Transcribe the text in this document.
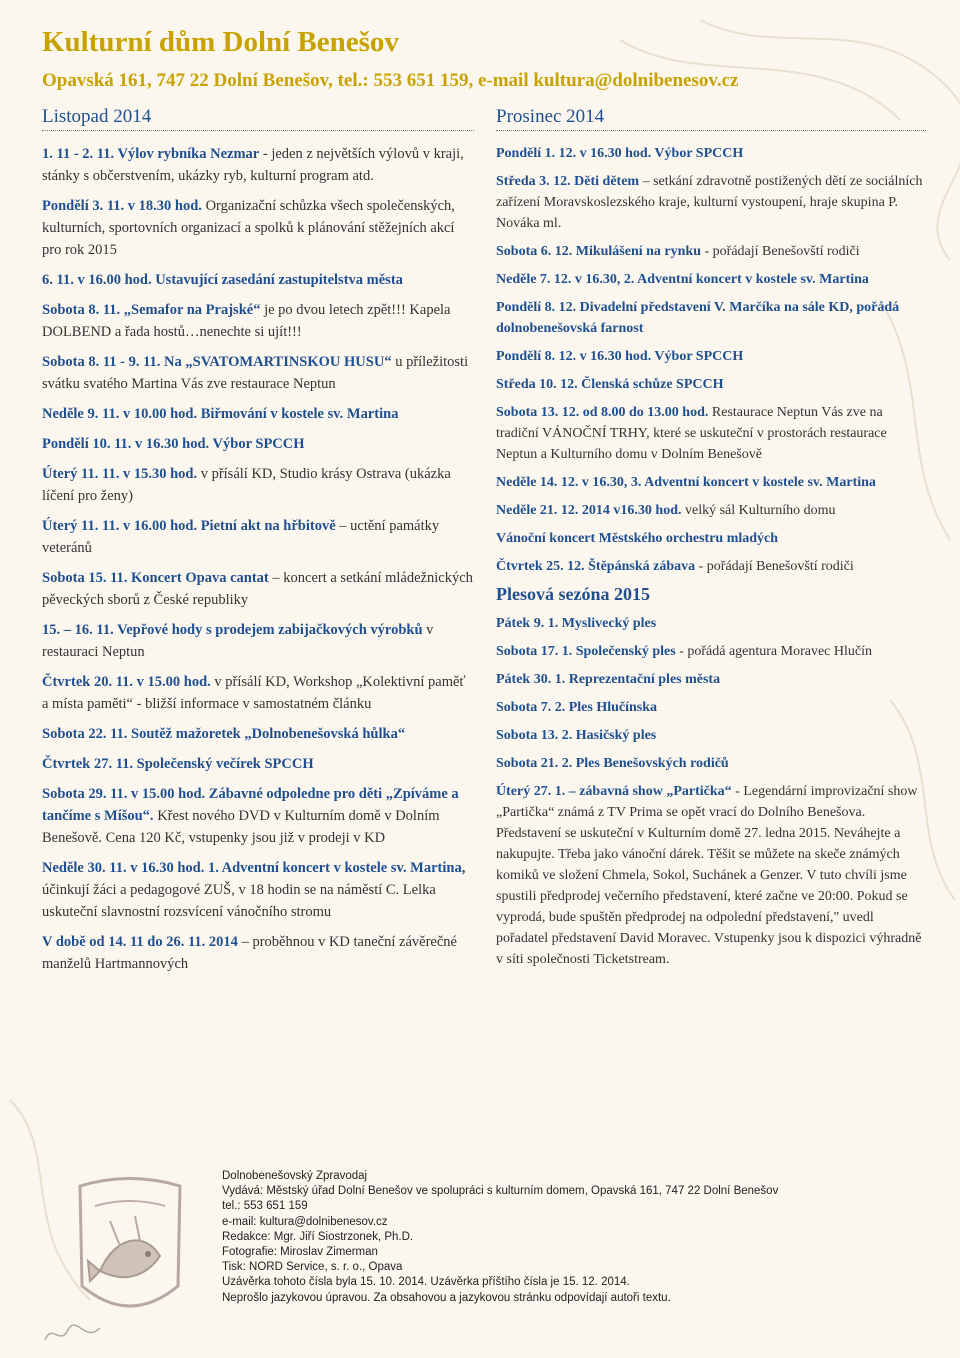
Kulturní dům Dolní Benešov
Opavská 161, 747 22 Dolní Benešov, tel.: 553 651 159, e-mail kultura@dolnibenesov.cz
Listopad 2014
1. 11 - 2. 11. Výlov rybníka Nezmar - jeden z největších výlovů v kraji, stánky s občerstvením, ukázky ryb, kulturní program atd.
Pondělí 3. 11. v 18.30 hod. Organizační schůzka všech společenských, kulturních, sportovních organizací a spolků k plánování stěžejních akcí pro rok 2015
6. 11. v 16.00 hod. Ustavující zasedání zastupitelstva města
Sobota 8. 11. „Semafor na Prajské“ je po dvou letech zpět!!! Kapela DOLBEND a řada hostů…nenechte si ujít!!!
Sobota 8. 11 - 9. 11. Na „SVATOMARTINSKOU HUSU“ u příležitosti svátku svatého Martina Vás zve restaurace Neptun
Neděle 9. 11. v 10.00 hod. Biřmování v kostele sv. Martina
Pondělí 10. 11. v 16.30 hod. Výbor SPCCH
Úterý 11. 11. v 15.30 hod. v přísálí KD, Studio krásy Ostrava (ukázka líčení pro ženy)
Úterý 11. 11. v 16.00 hod. Pietní akt na hřbitově – uctění památky veteránů
Sobota 15. 11. Koncert Opava cantat – koncert a setkání mládežnických pěveckých sborů z České republiky
15. – 16. 11. Vepřové hody s prodejem zabijačkových výrobků v restauraci Neptun
Čtvrtek 20. 11. v 15.00 hod. v přísálí KD, Workshop „Kolektivní paměť a místa paměti“ - bližší informace v samostatném článku
Sobota 22. 11. Soutěž mažoretek „Dolnobenešovská hůlka“
Čtvrtek 27. 11. Společenský večírek SPCCH
Sobota 29. 11. v 15.00 hod. Zábavné odpoledne pro děti „Zpíváme a tančíme s Míšou“. Křest nového DVD v Kulturním domě v Dolním Benešově. Cena 120 Kč, vstupenky jsou již v prodeji v KD
Neděle 30. 11. v 16.30 hod. 1. Adventní koncert v kostele sv. Martina, účinkují žáci a pedagogové ZUŠ, v 18 hodin se na náměstí C. Lelka uskuteční slavnostní rozsvícení vánočního stromu
V době od 14. 11 do 26. 11. 2014 – proběhnou v KD taneční závěrečné manželů Hartmannových
Prosinec 2014
Pondělí 1. 12. v 16.30 hod. Výbor SPCCH
Středa 3. 12. Děti dětem – setkání zdravotně postižených dětí ze sociálních zařízení Moravskoslezského kraje, kulturní vystoupení, hraje skupina P. Nováka ml.
Sobota 6. 12. Mikulášení na rynku - pořádají Benešovští rodiči
Neděle 7. 12. v 16.30, 2. Adventní koncert v kostele sv. Martina
Pondělí 8. 12. Divadelní představení V. Marčíka na sále KD, pořádá dolnobenešovská farnost
Pondělí 8. 12. v 16.30 hod. Výbor SPCCH
Středa 10. 12. Členská schůze SPCCH
Sobota 13. 12. od 8.00 do 13.00 hod. Restaurace Neptun Vás zve na tradiční VÁNOČNÍ TRHY, které se uskuteční v prostorách restaurace Neptun a Kulturního domu v Dolním Benešově
Neděle 14. 12. v 16.30, 3. Adventní koncert v kostele sv. Martina
Neděle 21. 12. 2014 v16.30 hod. velký sál Kulturního domu
Vánoční koncert Městského orchestru mladých
Čtvrtek 25. 12. Štěpánská zábava - pořádají Benešovští rodiči
Plesová sezóna 2015
Pátek 9. 1. Myslivecký ples
Sobota 17. 1. Společenský ples - pořádá agentura Moravec Hlučín
Pátek 30. 1. Reprezentační ples města
Sobota 7. 2. Ples Hlučínska
Sobota 13. 2. Hasičský ples
Sobota 21. 2. Ples Benešovských rodičů
Úterý 27. 1. – zábavná show „Partička“ - Legendární improvizační show „Partička“ známá z TV Prima se opět vrací do Dolního Benešova. Představení se uskuteční v Kulturním domě 27. ledna 2015. Neváhejte a nakupujte. Třeba jako vánoční dárek. Těšit se můžete na skeče známých komiků ve složení Chmela, Sokol, Suchánek a Genzer. V tuto chvíli jsme spustili předprodej večerního představení, které začne ve 20:00. Pokud se vyprodá, bude spuštěn předprodej na odpolední představení," uvedl pořadatel představení David Moravec. Vstupenky jsou k dispozici výhradně v síti společnosti Ticketstream.
Dolnobenešovský Zpravodaj
Vydává: Městský úřad Dolní Benešov ve spolupráci s kulturním domem, Opavská 161, 747 22 Dolní Benešov
tel.: 553 651 159
e-mail: kultura@dolnibenesov.cz
Redakce: Mgr. Jiří Siostrzonek, Ph.D.
Fotografie: Miroslav Zimerman
Tisk: NORD Service, s. r. o., Opava
Uzávěrka tohoto čísla byla 15. 10. 2014. Uzávěrka příštího čísla je 15. 12. 2014.
Neprošlo jazykovou úpravou. Za obsahovou a jazykovou stránku odpovídají autoři textu.
